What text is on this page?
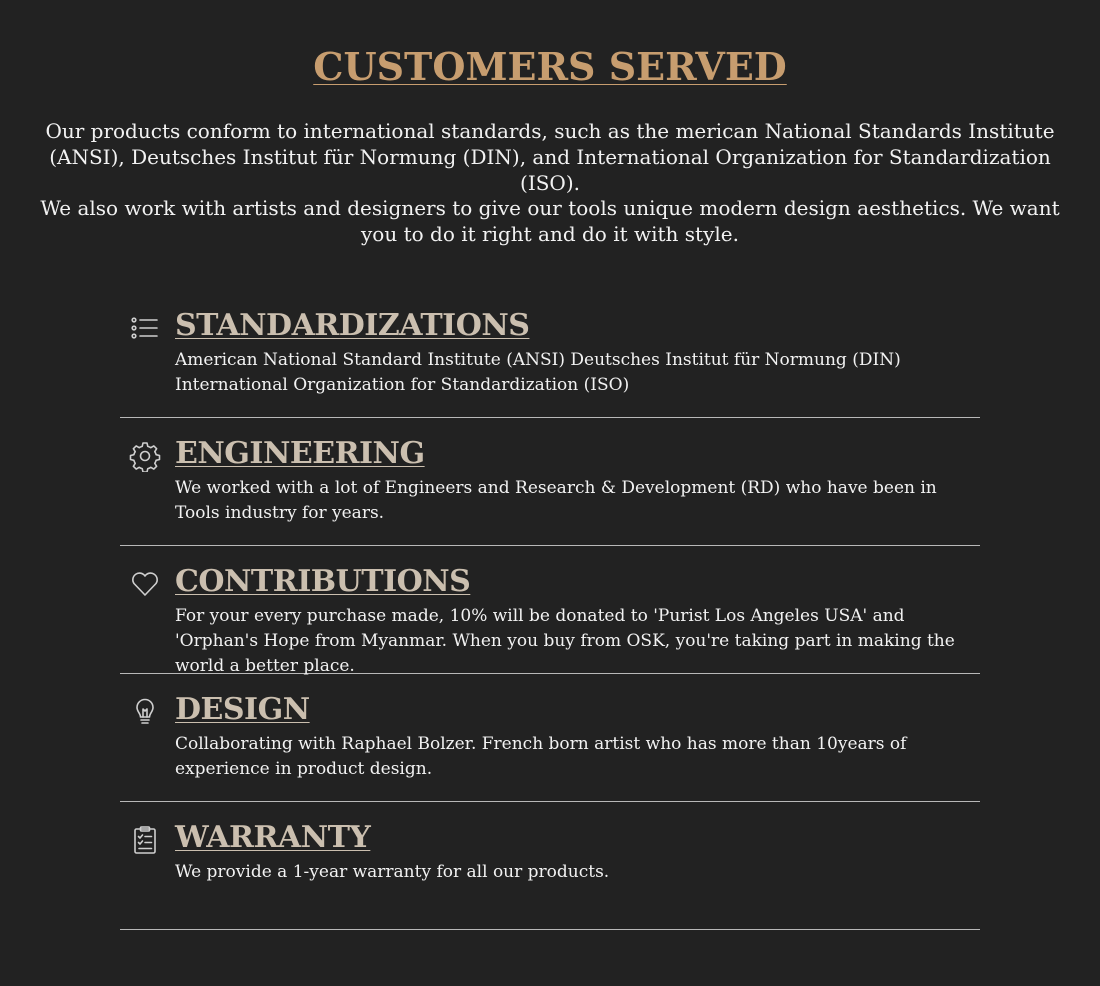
CUSTOMERS SERVED

Our products conform to international standards, such as the merican National Standards Institute (ANSI), Deutsches Institut für Normung (DIN), and International Organization for Standardization (ISO).

We also work with artists and designers to give our tools unique modern design aesthetics. We want you to do it right and do it with style.

STANDARDIZATIONS

American National Standard Institute (ANSI) Deutsches Institut für Normung (DIN) International Organization for Standardization (ISO)

ENGINEERING

We worked with a lot of Engineers and Research & Development (RD) who have been in Tools industry for years.

CONTRIBUTIONS

For your every purchase made, 10% will be donated to 'Purist Los Angeles USA' and 'Orphan's Hope from Myanmar. When you buy from OSK, you're taking part in making the world a better place.

DESIGN

Collaborating with Raphael Bolzer. French born artist who has more than 10years of experience in product design.

WARRANTY

We provide a 1-year warranty for all our products.
